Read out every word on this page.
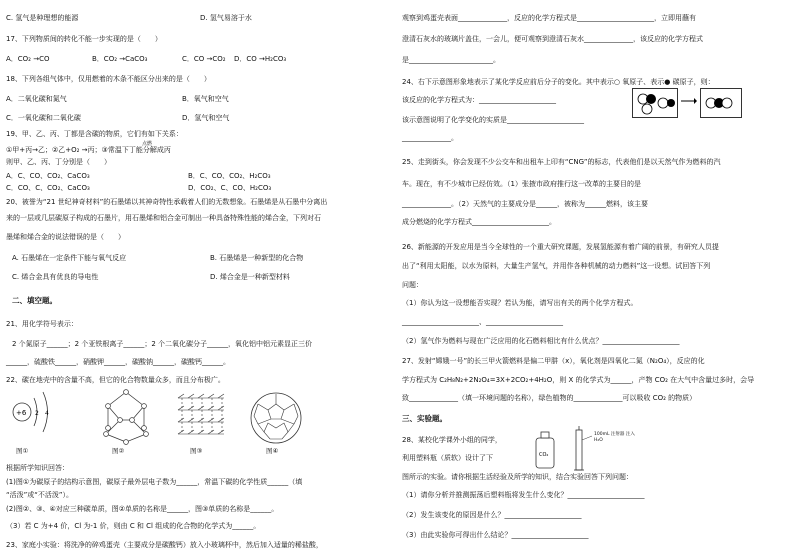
C. 氢气是种理想的能源	D. 氢气易溶于水
17、下列物质间的转化不能一步实现的是（　　）
A．CO₂ →CO	B．CO₂ →CaCO₃	C．CO →CO₂ D．CO →H₂CO₃
18、下列各组气体中，仅用燃着的木条不能区分出来的是（　　）
A．二氧化碳和氮气	B．氧气和空气
C．一氧化碳和二氧化碳	D．氢气和空气
19、甲、乙、丙、丁都是含碳的物质，它们有如下关系：
点燃
①甲+丙→乙；②乙+O₂ →丙；③常温下丁能分解成丙
则甲、乙、丙、丁分别是（　　）
A．C、CO、CO₂、CaCO₃	B．C、CO、CO₂、H₂CO₃
C．CO、C、CO₂、CaCO₃	D．CO₂、C、CO、H₂CO₃
20、被誉为“21 世纪神奇材料”的石墨烯以其神奇特性承载着人们的无数想象。石墨烯是从石墨中分离出
来的一层或几层碳原子构成的石墨片，用石墨烯和铝合金可制出一种具备特殊性能的烯合金，下列对石
墨烯和烯合金的说法错误的是（　　）
A. 石墨烯在一定条件下能与氧气反应	B. 石墨烯是一种新型的化合物
C. 烯合金具有优良的导电性	D. 烯合金是一种新型材料
二、填空题。
21、用化学符号表示：
2 个氮原子______；2 个亚铁根离子______；2 个二氧化碳分子______，氧化铝中铝元素显正三价
______，硫酸铁______，硝酸钾______，碳酸钠______，碳酸钙______。
22、碳在地壳中的含量不高，但它的化合物数量众多，而且分布极广。
+6 2 4
图①	图②	图③	图④
根据所学知识回答：
(1)图①为碳原子的结构示意图，碳原子最外层电子数为______，常温下碳的化学性质______（填
“活泼”或“不活泼”）。
(2)图②、③、④对应三种碳单质，图②单质的名称是______，图③单质的名称是______。
（3）若 C 为+4 价，Cl 为-1 价，则由 C 和 Cl 组成的化合物的化学式为______。
23、家庭小实验：将洗净的碎鸡蛋壳（主要成分是碳酸钙）放入小玻璃杯中，然后加入适量的稀盐酸，
观察到鸡蛋壳表面______________，反应的化学方程式是______________________，立即用蘸有
澄清石灰水的玻璃片盖住，一会儿，便可观察到澄清石灰水______________，该反应的化学方程式
是________________________。
24、右下示意图形象地表示了某化学反应前后分子的变化。其中表示○ 氧原子、表示● 碳原子，则：
该反应的化学方程式为：______________________
该示意图说明了化学变化的实质是______________________
______________。
25、走到街头，你会发现不少公交车和出租车上印有“CNG”的标志，代表他们是以天然气作为燃料的汽
车。现在，有不少城市已经仿效。（1）张掖市政府推行这一改革的主要目的是
______________。（2）天然气的主要成分是______，被称为______燃料，该主要
成分燃烧的化学方程式______________________。
26、新能源的开发应用是当今全球性的一个重大研究课题，发展氢能源有着广阔的前景，有研究人员提
出了“利用太阳能，以水为原料，大量生产氢气，并用作各种机械的动力燃料”这一设想。试回答下列
问题：
（1）你认为这一设想能否实现？若认为能，请写出有关的两个化学方程式。
______________________、______________________
（2）氢气作为燃料与现在广泛应用的化石燃料相比有什么优点？______________________
27、发射“嫦娥一号”的长三甲火箭燃料是偏二甲肼（x），氧化剂是四氧化二氮（N₂O₄），反应的化
学方程式为 C₂H₈N₂+2N₂O₄=3X+2CO₂+4H₂O，则 X 的化学式为______，产物 CO₂ 在大气中含量过多时，会导
致______________（填一环境问题的名称），绿色植物的______________可以吸收 CO₂ 的物质）
三、实验题。
28、某校化学课外小组的同学，
利用塑料瓶（质软）设计了下
图所示的实验。请你根据生活经验及所学的知识，结合实验回答下列问题：
（1）请你分析并推测振荡后塑料瓶将发生什么变化？______________________
（2）发生该变化的原因是什么？______________________
（3）由此实验你可得出什么结论？______________________
CO₂
100mL 注射器 注入 H₂O
